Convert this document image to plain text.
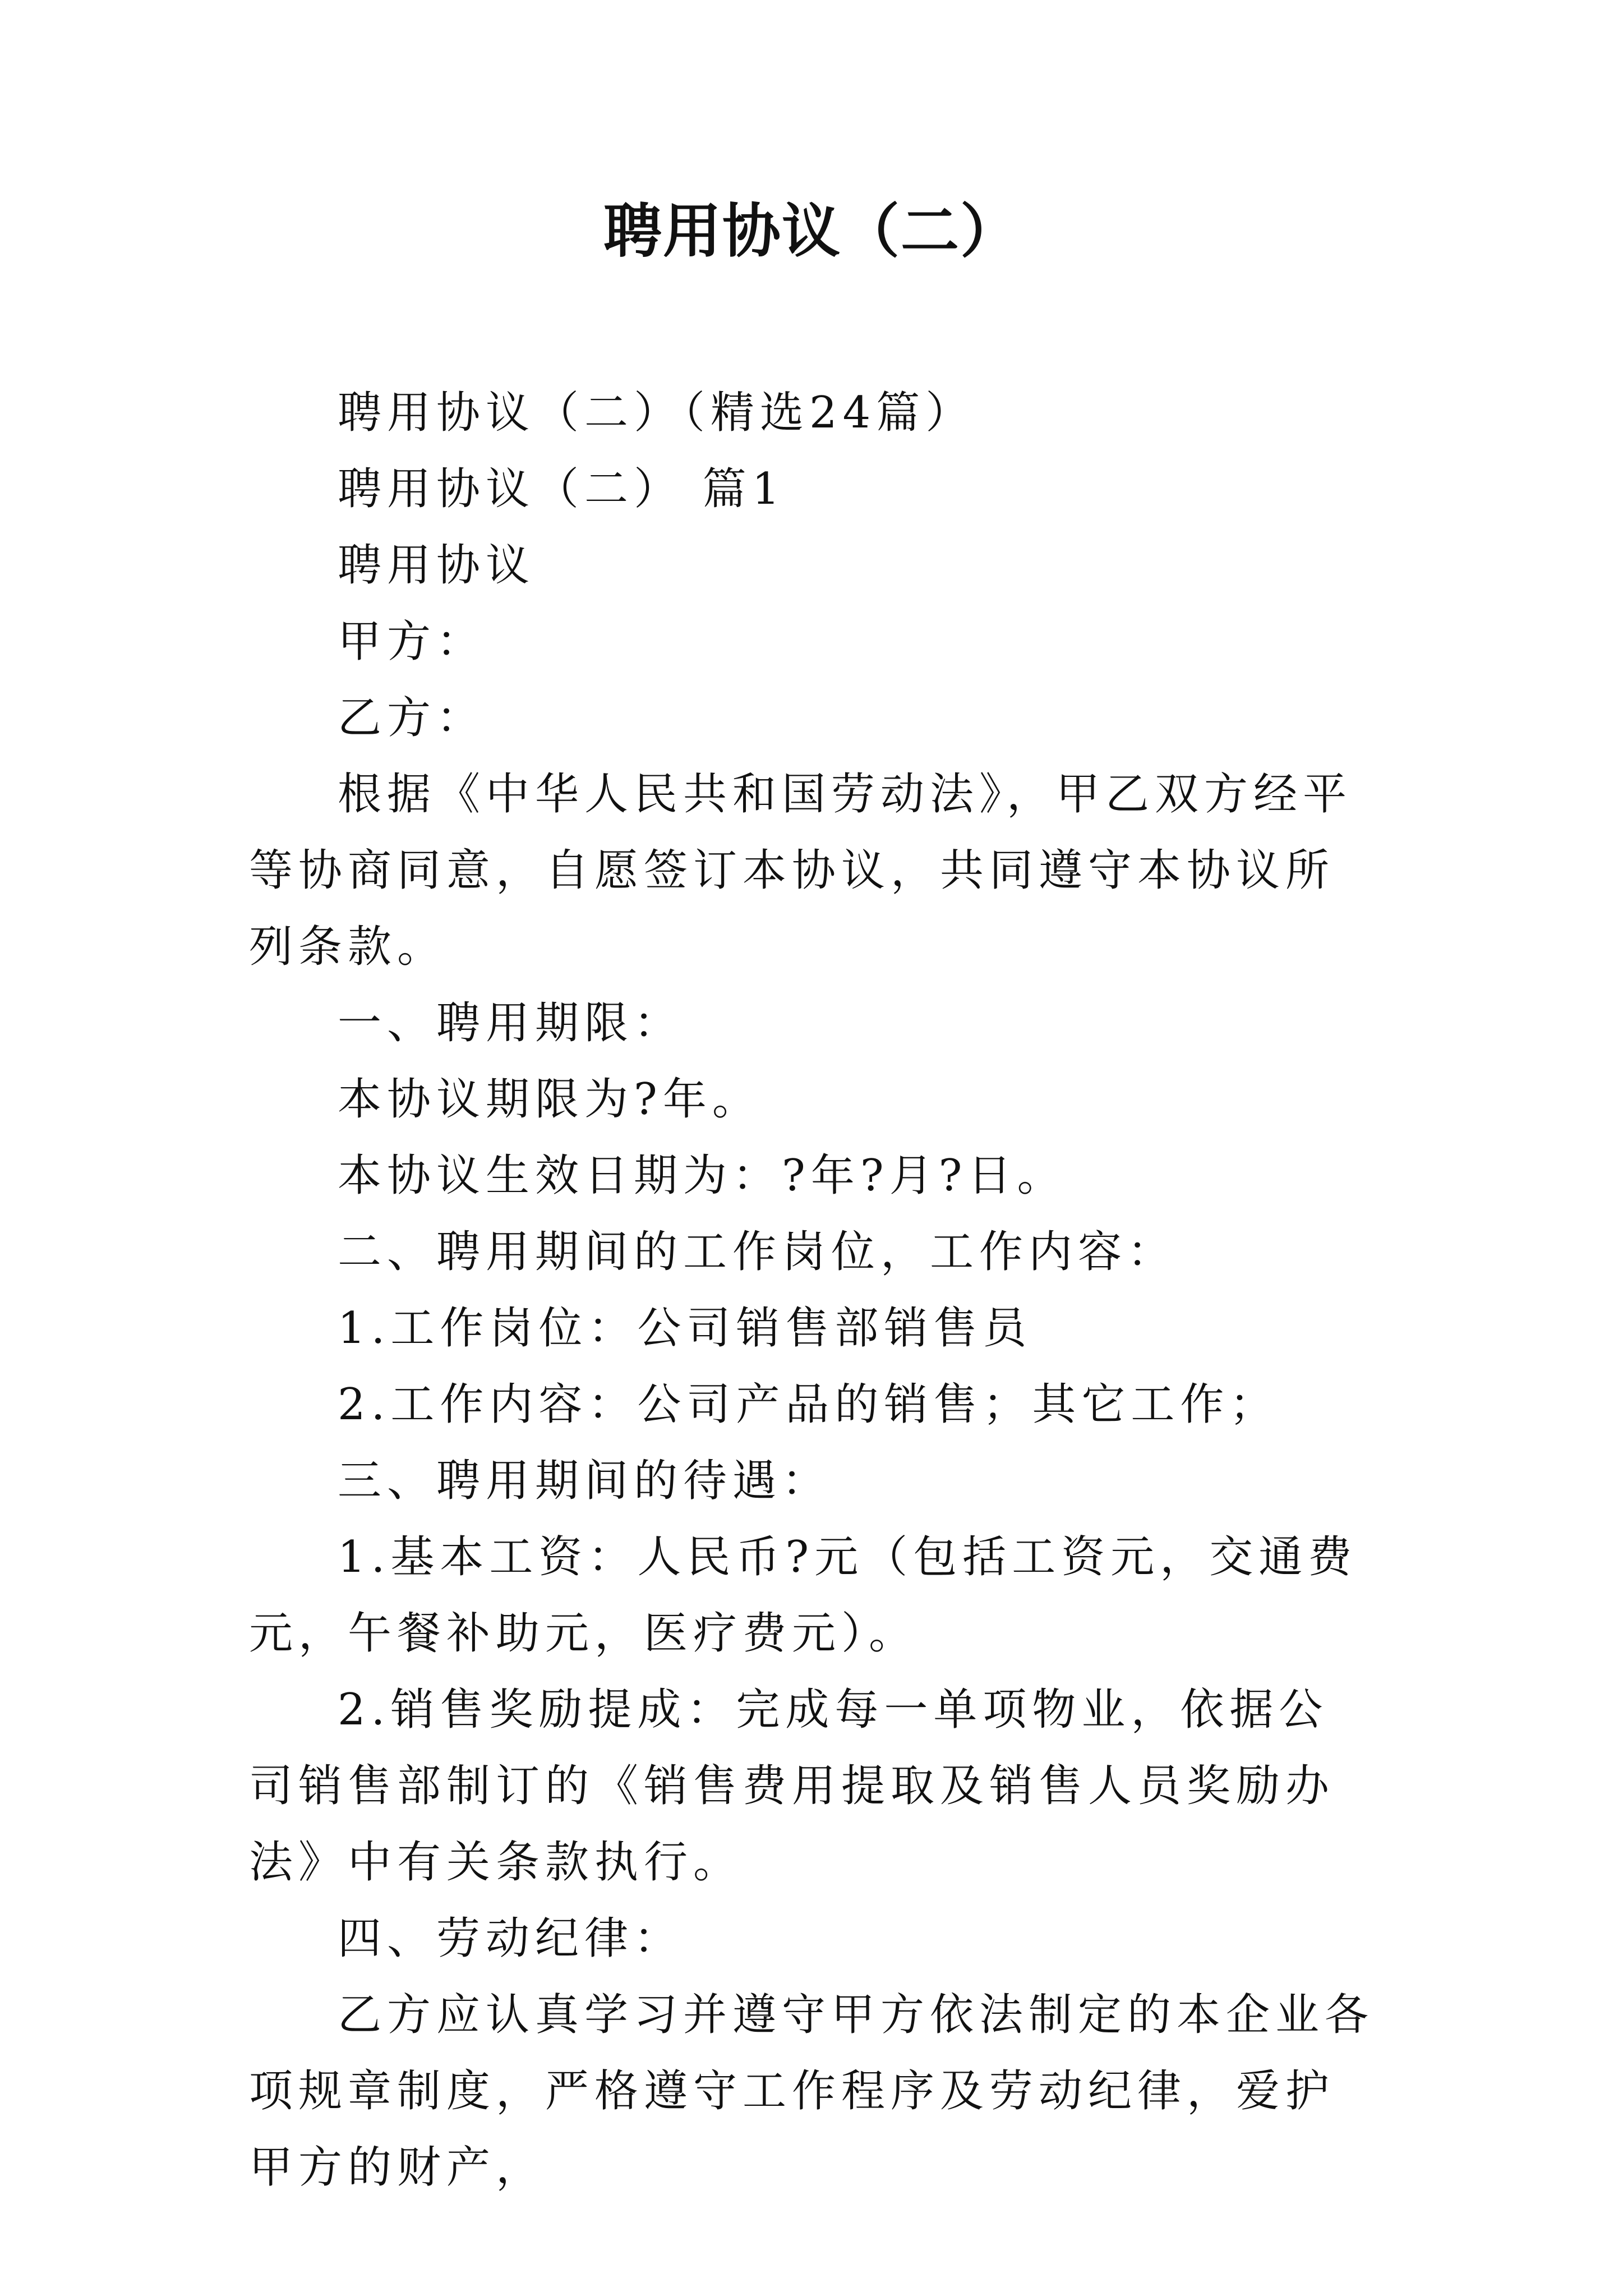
聘用协议（二）

聘用协议（二）（精选24篇）

聘用协议（二） 篇1

聘用协议

甲方：

乙方：

根据《中华人民共和国劳动法》，甲乙双方经平等协商同意，自愿签订本协议，共同遵守本协议所列条款。

一、聘用期限：

本协议期限为?年。

本协议生效日期为：?年?月?日。

二、聘用期间的工作岗位，工作内容：

1.工作岗位：公司销售部销售员

2.工作内容：公司产品的销售；其它工作；

三、聘用期间的待遇：

1.基本工资：人民币?元（包括工资元，交通费元，午餐补助元，医疗费元）。

2.销售奖励提成：完成每一单项物业，依据公司销售部制订的《销售费用提取及销售人员奖励办法》中有关条款执行。

四、劳动纪律：

乙方应认真学习并遵守甲方依法制定的本企业各项规章制度，严格遵守工作程序及劳动纪律，爱护甲方的财产，
